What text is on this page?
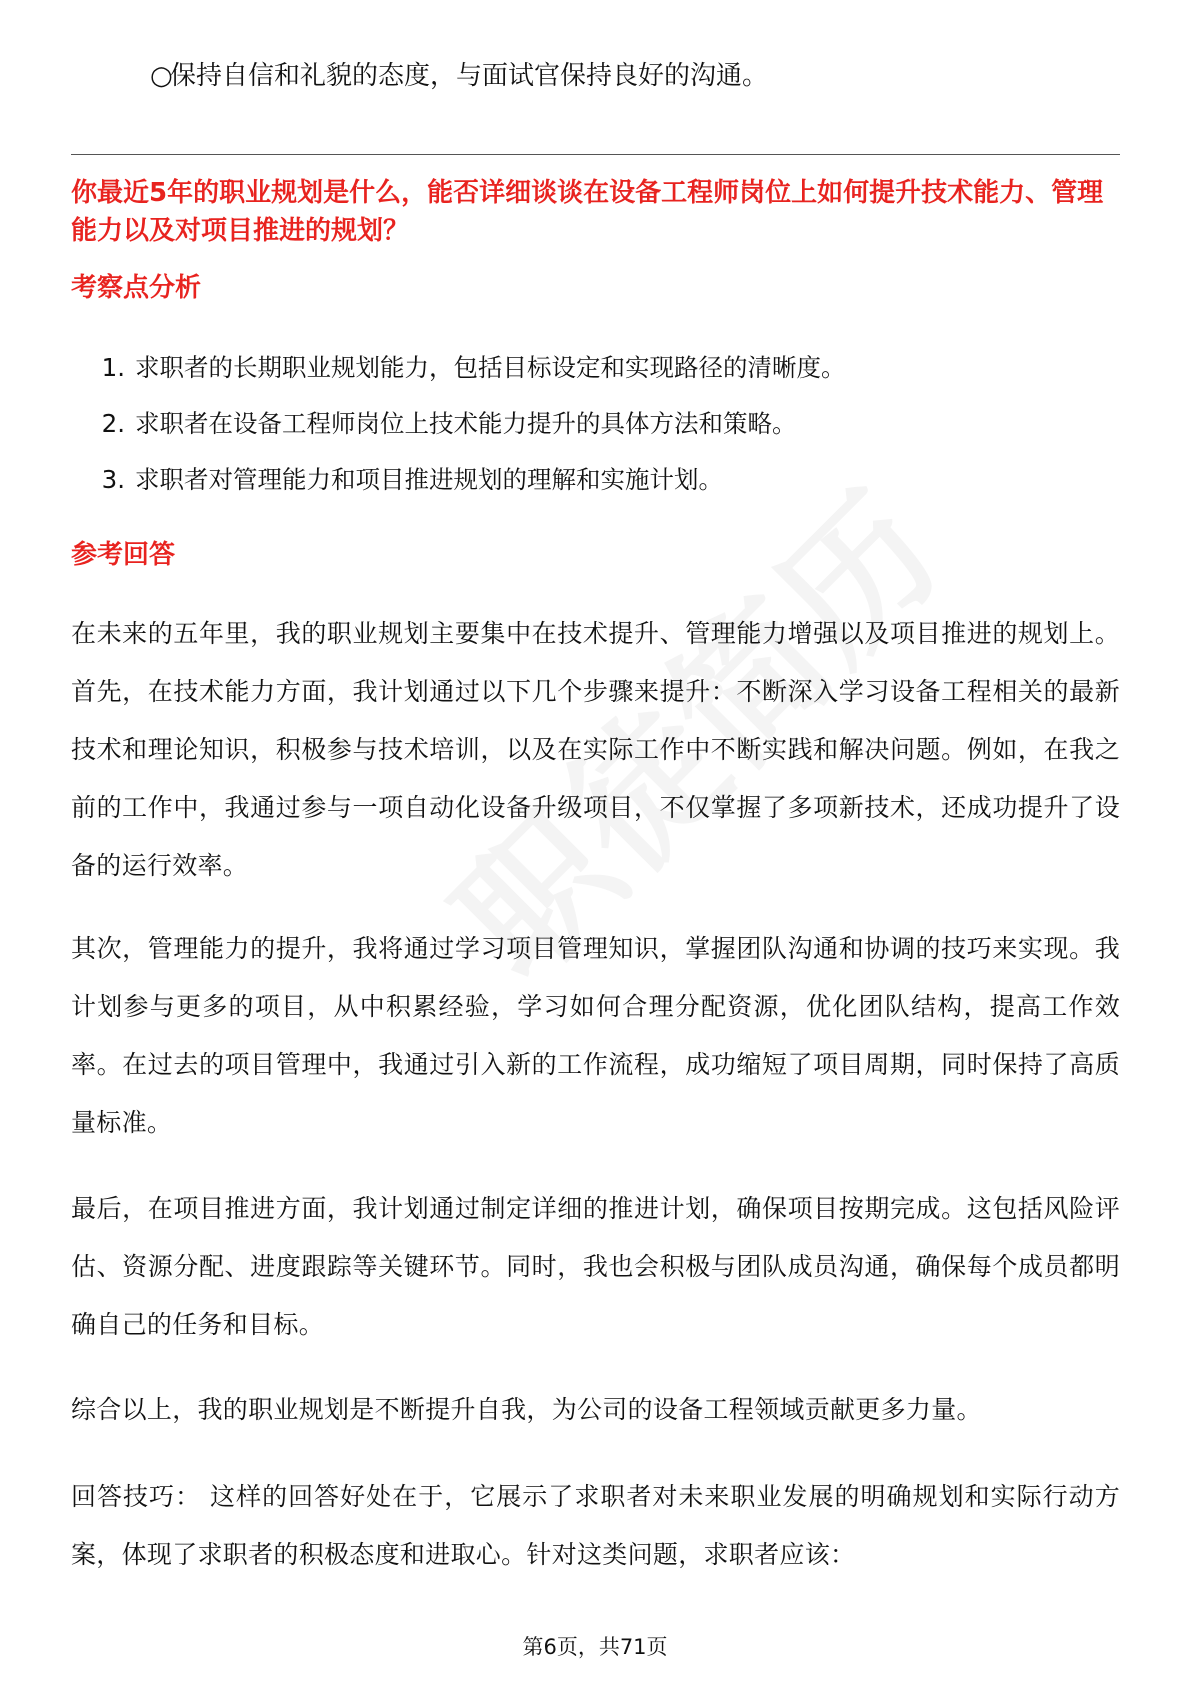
○保持自信和礼貌的态度，与面试官保持良好的沟通。
你最近5年的职业规划是什么，能否详细谈谈在设备工程师岗位上如何提升技术能力、管理能力以及对项目推进的规划？
考察点分析
1. 求职者的长期职业规划能力，包括目标设定和实现路径的清晰度。
2. 求职者在设备工程师岗位上技术能力提升的具体方法和策略。
3. 求职者对管理能力和项目推进规划的理解和实施计划。
参考回答

在未来的五年里，我的职业规划主要集中在技术提升、管理能力增强以及项目推进的规划上。首先，在技术能力方面，我计划通过以下几个步骤来提升：不断深入学习设备工程相关的最新技术和理论知识，积极参与技术培训，以及在实际工作中不断实践和解决问题。例如，在我之前的工作中，我通过参与一项自动化设备升级项目，不仅掌握了多项新技术，还成功提升了设备的运行效率。

其次，管理能力的提升，我将通过学习项目管理知识，掌握团队沟通和协调的技巧来实现。我计划参与更多的项目，从中积累经验，学习如何合理分配资源，优化团队结构，提高工作效率。在过去的项目管理中，我通过引入新的工作流程，成功缩短了项目周期，同时保持了高质量标准。

最后，在项目推进方面，我计划通过制定详细的推进计划，确保项目按期完成。这包括风险评估、资源分配、进度跟踪等关键环节。同时，我也会积极与团队成员沟通，确保每个成员都明确自己的任务和目标。

综合以上，我的职业规划是不断提升自我，为公司的设备工程领域贡献更多力量。

回答技巧： 这样的回答好处在于，它展示了求职者对未来职业发展的明确规划和实际行动方案，体现了求职者的积极态度和进取心。针对这类问题，求职者应该：

第6页，共71页
